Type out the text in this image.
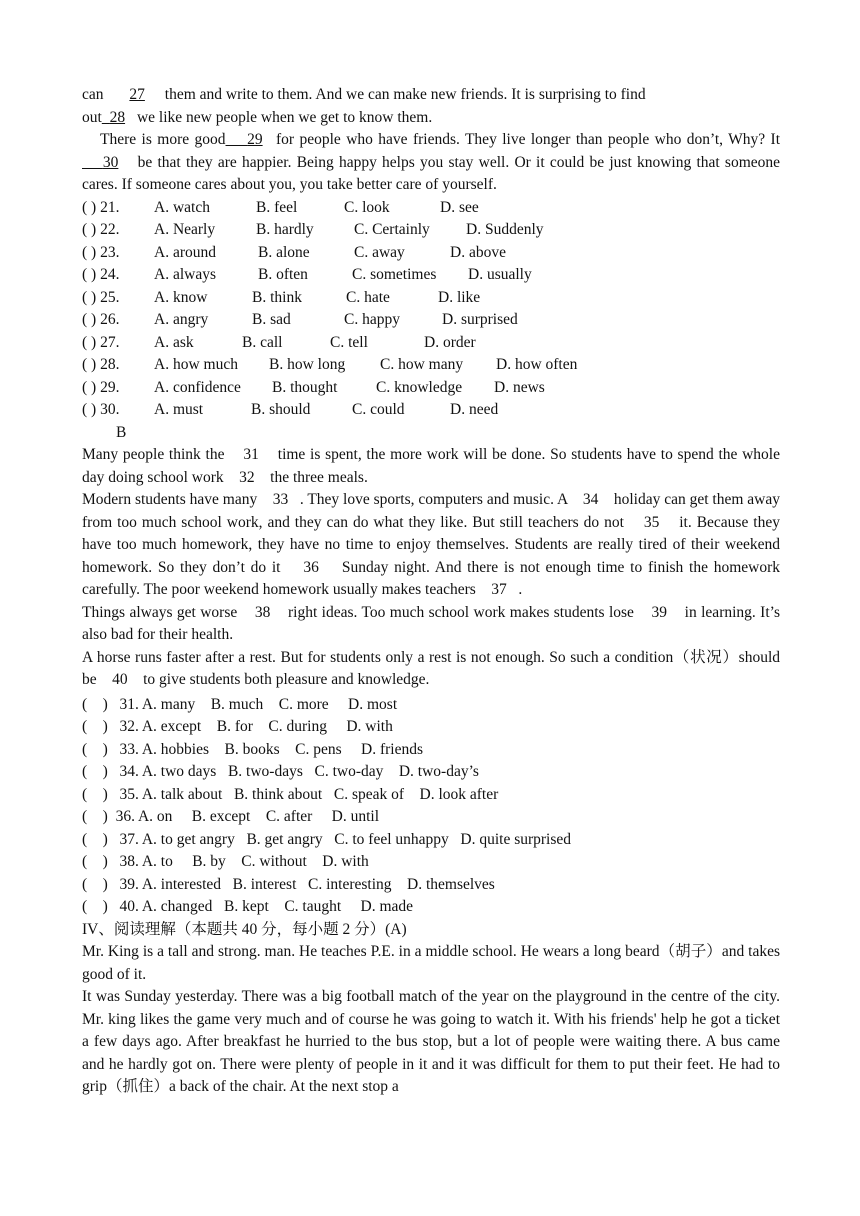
can 27 them and write to them. And we can make new friends. It is surprising to find
out 28 we like new people when we get to know them.
There is more good 29 for people who have friends. They live longer than people who don’t, Why? It     30 be that they are happier. Being happy helps you stay well. Or it could be just knowing that someone cares. If someone cares about you, you take better care of yourself.
( ) 21. A. watch	B. feel	C. look	D. see
( ) 22. A. Nearly	B. hardly	C. Certainly D. Suddenly
( ) 23. A. around	B. alone	C. away	D. above
( ) 24. A. always	B. often	C. sometimes D. usually
( ) 25. A. know	B. think	C. hate	D. like
( ) 26. A. angry	B. sad	C. happy	D. surprised
( ) 27. A. ask	B. call	C. tell	D. order
( ) 28. A. how much B. how long C. how many D. how often
( ) 29. A. confidence B. thought C. knowledge D. news
( ) 30. A. must	B. should	C. could	D. need
B
Many people think the    31    time is spent, the more work will be done. So students have to spend the whole day doing school work    32    the three meals.
Modern students have many    33   . They love sports, computers and music. A    34    holiday can get them away from too much school work, and they can do what they like. But still teachers do not    35    it. Because they have too much homework, they have no time to enjoy themselves. Students are really tired of their weekend homework. So they don’t do it    36    Sunday night. And there is not enough time to finish the homework carefully. The poor weekend homework usually makes teachers    37   .
Things always get worse    38    right ideas. Too much school work makes students lose    39    in learning. It’s also bad for their health.
A horse runs faster after a rest. But for students only a rest is not enough. So such a condition（状况）should be    40    to give students both pleasure and knowledge.
(    )   31. A. many    B. much    C. more     D. most
(    )   32. A. except    B. for    C. during     D. with
(    )   33. A. hobbies    B. books    C. pens     D. friends
(    )   34. A. two days   B. two-days   C. two-day    D. two-day’s
(    )   35. A. talk about   B. think about   C. speak of    D. look after
(    )  36. A. on     B. except    C. after     D. until
(    )   37. A. to get angry   B. get angry   C. to feel unhappy   D. quite surprised
(    )   38. A. to     B. by    C. without    D. with
(    )   39. A. interested   B. interest   C. interesting    D. themselves
(    )   40. A. changed   B. kept    C. taught     D. made
IV、阅读理解（本题共 40 分，每小题 2 分）(A)
Mr. King is a tall and strong. man. He teaches P.E. in a middle school. He wears a long beard（胡子）and takes good of it.
It was Sunday yesterday. There was a big football match of the year on the playground in the centre of the city. Mr. king likes the game very much and of course he was going to watch it. With his friends' help he got a ticket a few days ago. After breakfast he hurried to the bus stop, but a lot of people were waiting there. A bus came and he hardly got on. There were plenty of people in it and it was difficult for them to put their feet. He had to grip（抓住）a back of the chair. At the next stop a
